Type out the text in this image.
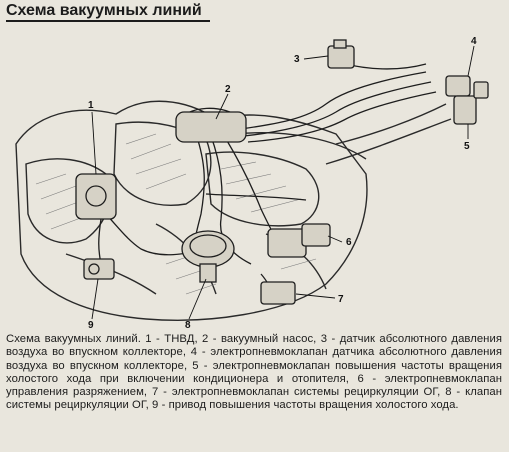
Схема вакуумных линий
1
2
3
4
5
6
7
8
9
Схема вакуумных линий. 1 - ТНВД, 2 - вакуумный насос, 3 - датчик абсолютного давления воздуха во впускном коллекторе, 4 - электропневмоклапан датчика абсолютного давления воздуха во впускном коллекторе, 5 - электропневмоклапан повышения частоты вращения холостого хода при включении кондиционера и отопителя, 6 - электропневмоклапан управления разряжением, 7 - электропневмоклапан системы рециркуляции ОГ, 8 - клапан системы рециркуляции ОГ, 9 - привод повышения частоты вращения холостого хода.
